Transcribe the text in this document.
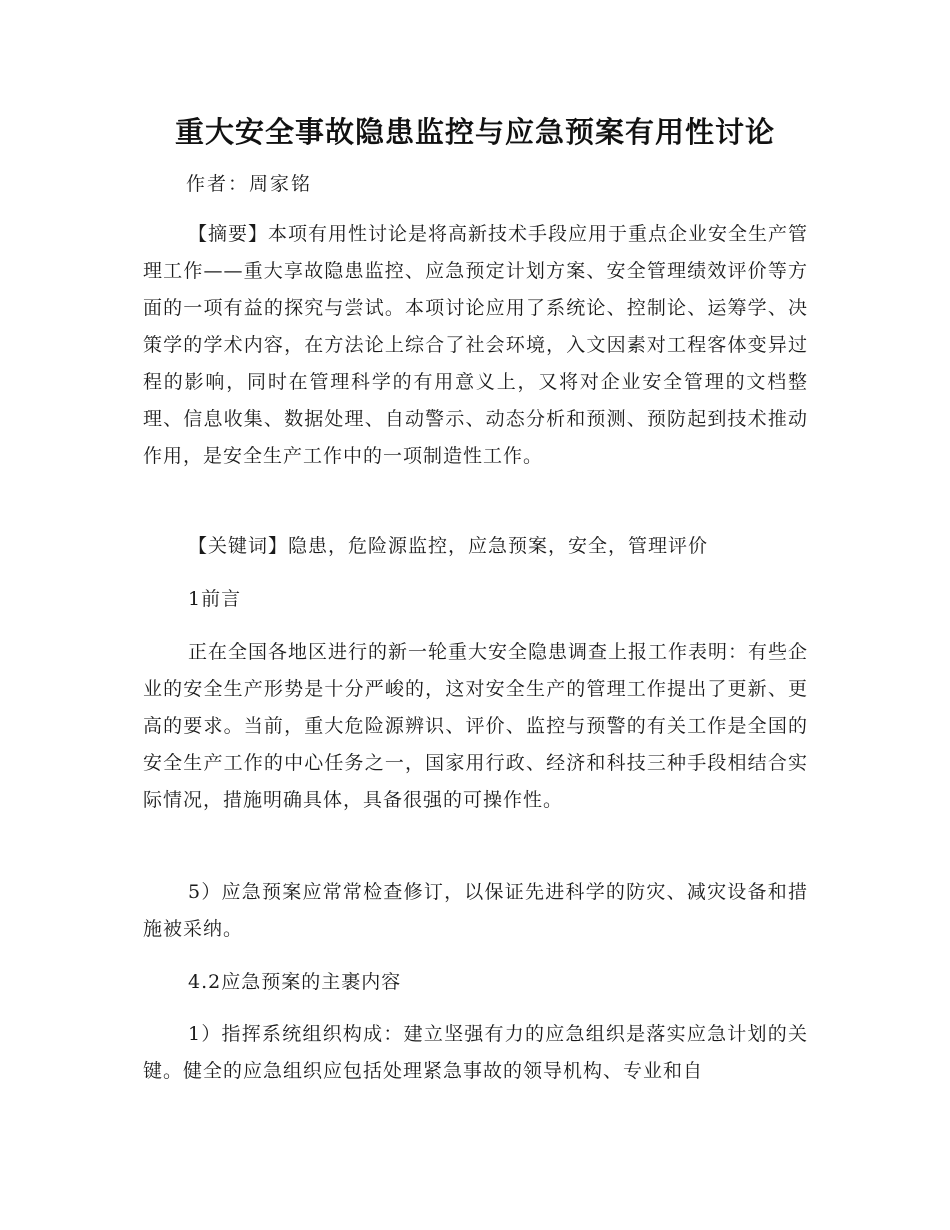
重大安全事故隐患监控与应急预案有用性讨论
作者：周家铭

【摘要】本项有用性讨论是将高新技术手段应用于重点企业安全生产管理工作——重大享故隐患监控、应急预定计划方案、安全管理绩效评价等方面的一项有益的探究与尝试。本项讨论应用了系统论、控制论、运筹学、决策学的学术内容，在方法论上综合了社会环境，入文因素对工程客体变异过程的影响，同时在管理科学的有用意义上，又将对企业安全管理的文档整理、信息收集、数据处理、自动警示、动态分析和预测、预防起到技术推动作用，是安全生产工作中的一项制造性工作。

【关键词】隐患，危险源监控，应急预案，安全，管理评价

1前言

正在全国各地区进行的新一轮重大安全隐患调查上报工作表明：有些企业的安全生产形势是十分严峻的，这对安全生产的管理工作提出了更新、更高的要求。当前，重大危险源辨识、评价、监控与预警的有关工作是全国的安全生产工作的中心任务之一，国家用行政、经济和科技三种手段相结合实际情况，措施明确具体，具备很强的可操作性。

5）应急预案应常常检查修订，以保证先进科学的防灾、减灾设备和措施被采纳。

4.2应急预案的主裹内容

1）指挥系统组织构成：建立坚强有力的应急组织是落实应急计划的关键。健全的应急组织应包括处理紧急事故的领导机构、专业和自
